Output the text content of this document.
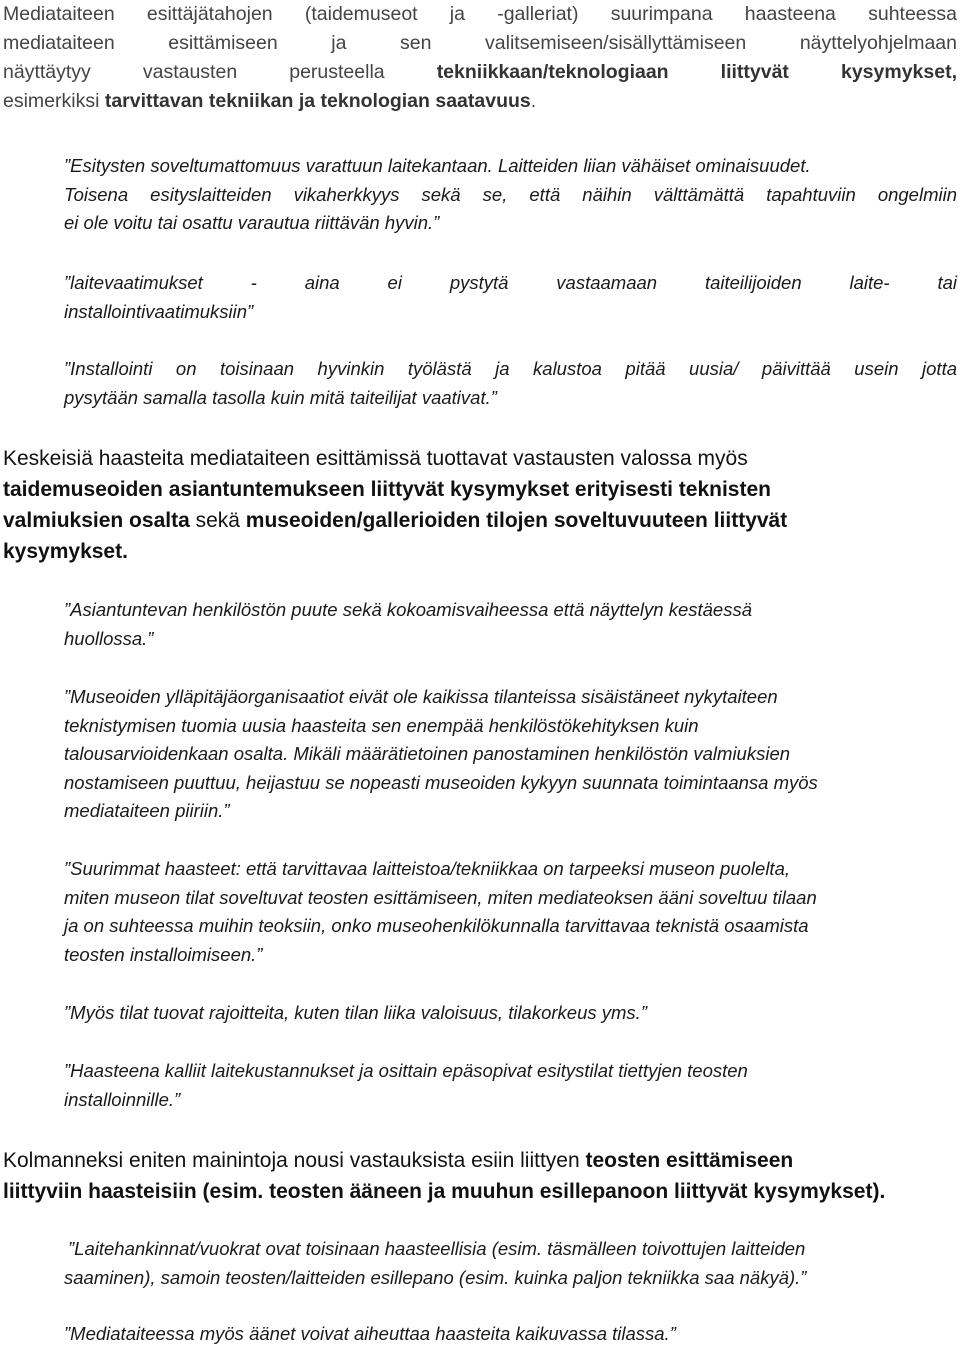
Mediataiteen esittäjätahojen (taidemuseot ja -galleriat) suurimpana haasteena suhteessa
mediataiteen esittämiseen ja sen valitsemiseen/sisällyttämiseen näyttelyohjelmaan
näyttäytyy vastausten perusteella tekniikkaan/teknologiaan liittyvät kysymykset,
esimerkiksi tarvittavan tekniikan ja teknologian saatavuus.
”Esitysten soveltumattomuus varattuun laitekantaan. Laitteiden liian vähäiset ominaisuudet.
Toisena esityslaitteiden vikaherkkyys sekä se, että näihin välttämättä tapahtuviin ongelmiin
ei ole voitu tai osattu varautua riittävän hyvin.”
”laitevaatimukset - aina ei pystytä vastaamaan taiteilijoiden laite- tai
installointivaatimuksiin”
”Installointi on toisinaan hyvinkin työlästä ja kalustoa pitää uusia/ päivittää usein jotta
pysytään samalla tasolla kuin mitä taiteilijat vaativat.”
Keskeisiä haasteita mediataiteen esittämissä tuottavat vastausten valossa myös
taidemuseoiden asiantuntemukseen liittyvät kysymykset erityisesti teknisten
valmiuksien osalta sekä museoiden/gallerioiden tilojen soveltuvuuteen liittyvät
kysymykset.
”Asiantuntevan henkilöstön puute sekä kokoamisvaiheessa että näyttelyn kestäessä
huollossa.”
”Museoiden ylläpitäjäorganisaatiot eivät ole kaikissa tilanteissa sisäistäneet nykytaiteen
teknistymisen tuomia uusia haasteita sen enempää henkilöstökehityksen kuin
talousarvioidenkaan osalta. Mikäli määrätietoinen panostaminen henkilöstön valmiuksien
nostamiseen puuttuu, heijastuu se nopeasti museoiden kykyyn suunnata toimintaansa myös
mediataiteen piiriin.”
”Suurimmat haasteet: että tarvittavaa laitteistoa/tekniikkaa on tarpeeksi museon puolelta,
miten museon tilat soveltuvat teosten esittämiseen, miten mediateoksen ääni soveltuu tilaan
ja on suhteessa muihin teoksiin, onko museohenkilökunnalla tarvittavaa teknistä osaamista
teosten installoimiseen.”
”Myös tilat tuovat rajoitteita, kuten tilan liika valoisuus, tilakorkeus yms.”
”Haasteena kalliit laitekustannukset ja osittain epäsopivat esitystilat tiettyjen teosten
installoinnille.”
Kolmanneksi eniten mainintoja nousi vastauksista esiin liittyen teosten esittämiseen
liittyviin haasteisiin (esim. teosten ääneen ja muuhun esillepanoon liittyvät kysymykset).
”Laitehankinnat/vuokrat ovat toisinaan haasteellisia (esim. täsmälleen toivottujen laitteiden
saaminen), samoin teosten/laitteiden esillepano (esim. kuinka paljon tekniikka saa näkyä).”
”Mediataiteessa myös äänet voivat aiheuttaa haasteita kaikuvassa tilassa.”
